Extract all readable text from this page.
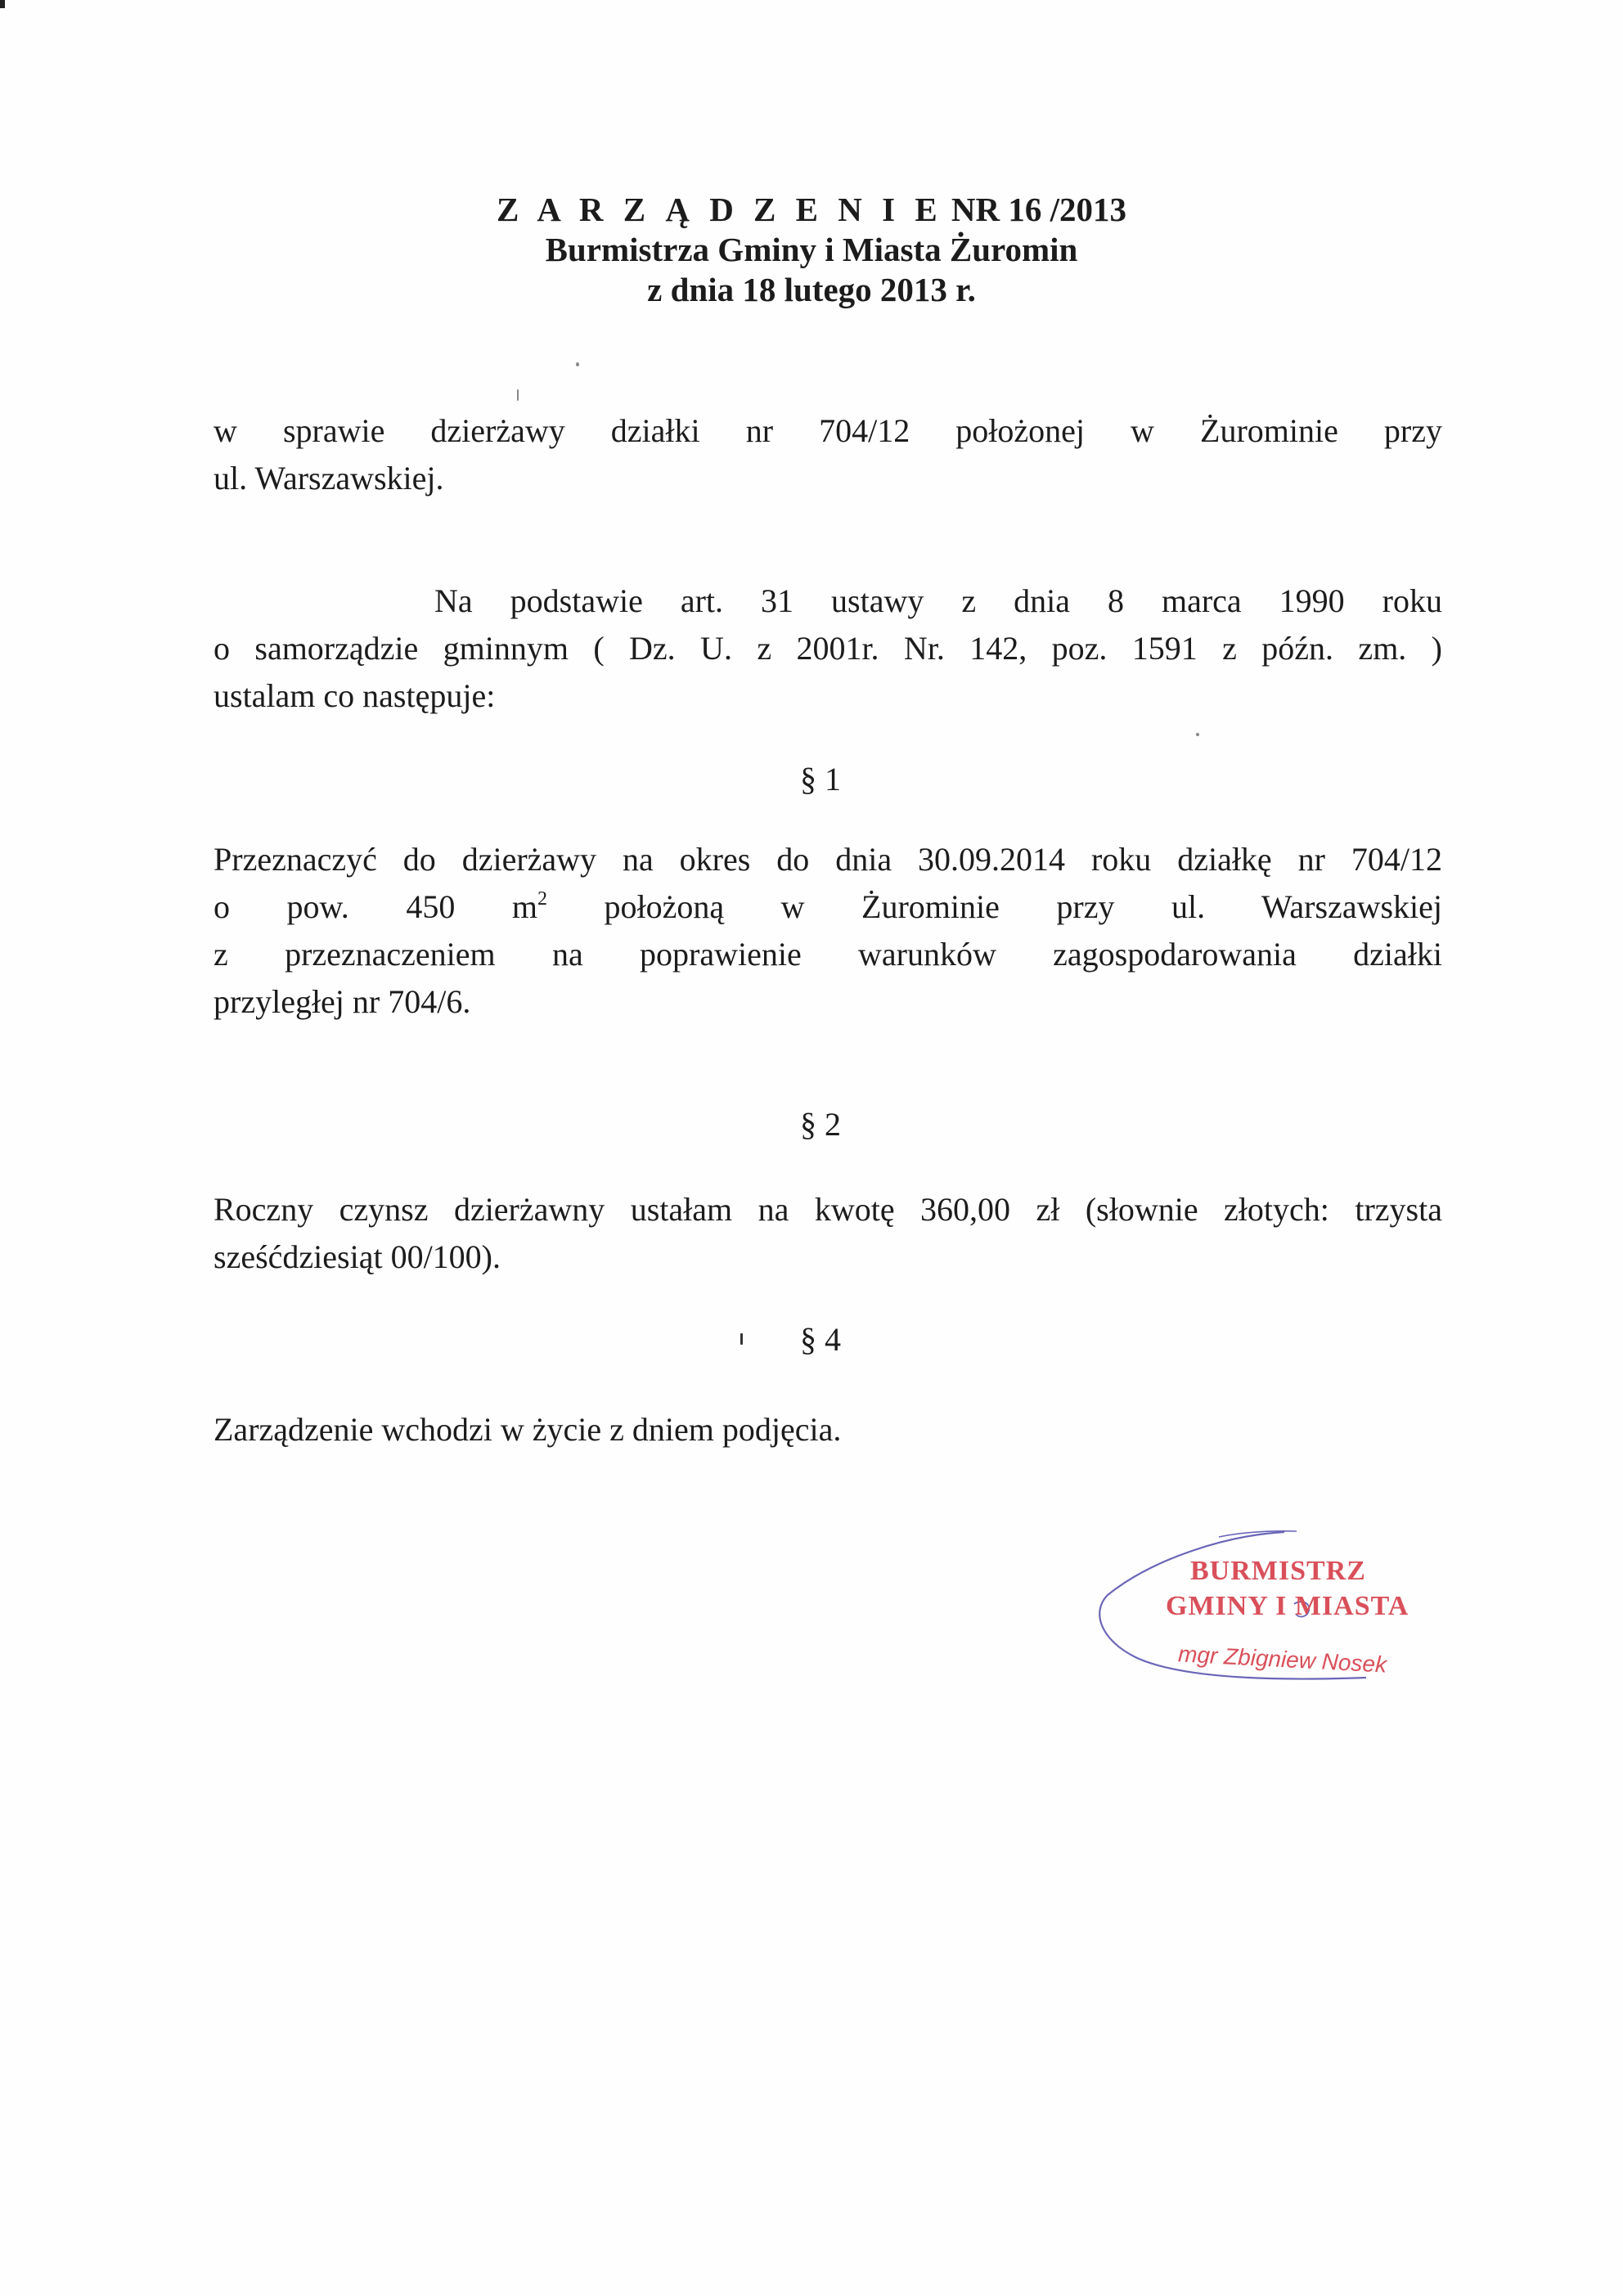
Z A R Z Ą D Z E N I E NR 16 /2013
Burmistrza Gminy i Miasta Żuromin
z dnia 18 lutego 2013 r.
w sprawie dzierżawy działki nr 704/12 położonej w Żurominie przy
ul. Warszawskiej.
Na podstawie art. 31 ustawy z dnia 8 marca 1990 roku
o samorządzie gminnym ( Dz. U. z 2001r. Nr. 142, poz. 1591 z późn. zm. )
ustalam co następuje:
§ 1
Przeznaczyć do dzierżawy na okres do dnia 30.09.2014 roku działkę nr 704/12
o pow. 450 $m^2$ położoną w Żurominie przy ul. Warszawskiej
z przeznaczeniem na poprawienie warunków zagospodarowania działki
przyległej nr 704/6.
§ 2
Roczny czynsz dzierżawny ustałam na kwotę 360,00 zł (słownie złotych: trzysta
sześćdziesiąt 00/100).
§ 4
Zarządzenie wchodzi w życie z dniem podjęcia.
BURMISTRZ
GMINY I MIASTA
mgr Zbigniew Nosek
